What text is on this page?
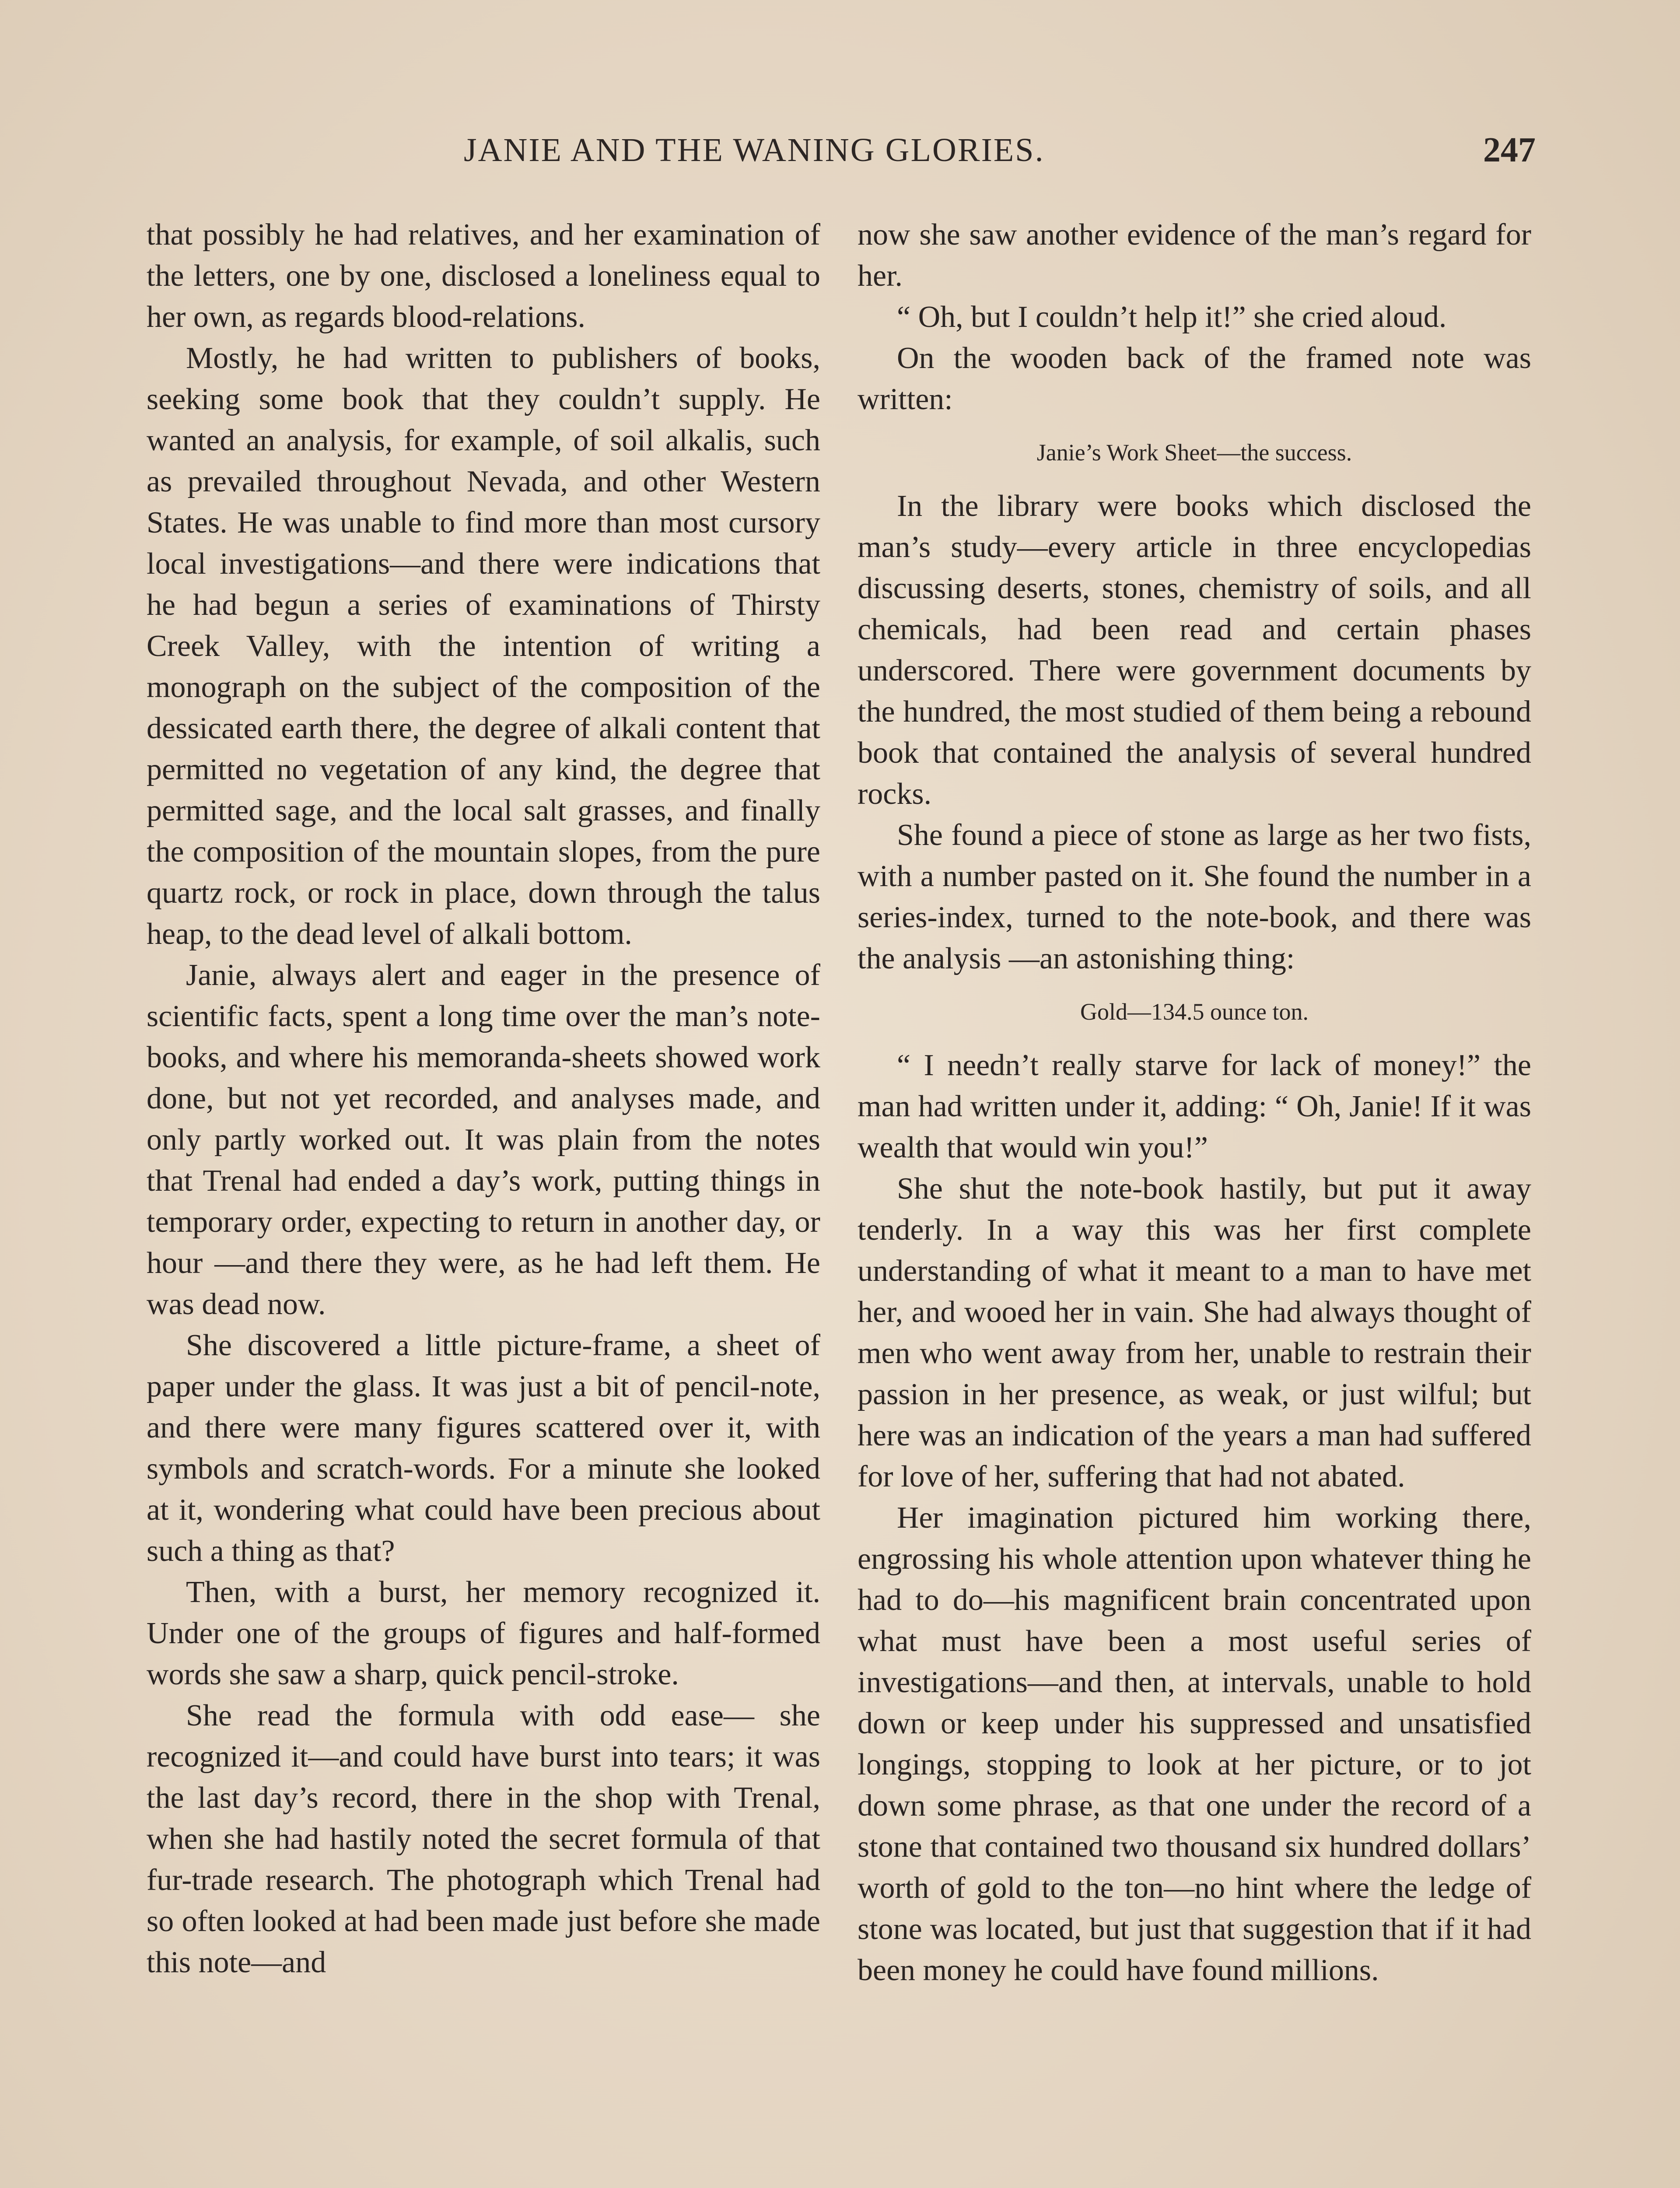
JANIE AND THE WANING GLORIES.	247

that possibly he had relatives, and her examination of the letters, one by one, disclosed a loneliness equal to her own, as regards blood-relations.

Mostly, he had written to publishers of books, seeking some book that they couldn’t supply. He wanted an analysis, for example, of soil alkalis, such as prevailed throughout Nevada, and other Western States. He was unable to find more than most cursory local investigations—and there were indications that he had begun a series of examinations of Thirsty Creek Valley, with the intention of writing a monograph on the subject of the composition of the dessicated earth there, the degree of alkali content that permitted no vegetation of any kind, the degree that permitted sage, and the local salt grasses, and finally the composition of the mountain slopes, from the pure quartz rock, or rock in place, down through the talus heap, to the dead level of alkali bottom.

Janie, always alert and eager in the presence of scientific facts, spent a long time over the man’s note-books, and where his memoranda-sheets showed work done, but not yet recorded, and analyses made, and only partly worked out. It was plain from the notes that Trenal had ended a day’s work, putting things in temporary order, expecting to return in another day, or hour —and there they were, as he had left them. He was dead now.

She discovered a little picture-frame, a sheet of paper under the glass. It was just a bit of pencil-note, and there were many figures scattered over it, with symbols and scratch-words. For a minute she looked at it, wondering what could have been precious about such a thing as that?

Then, with a burst, her memory recognized it. Under one of the groups of figures and half-formed words she saw a sharp, quick pencil-stroke.

She read the formula with odd ease— she recognized it—and could have burst into tears; it was the last day’s record, there in the shop with Trenal, when she had hastily noted the secret formula of that fur-trade research. The photograph which Trenal had so often looked at had been made just before she made this note—and

now she saw another evidence of the man’s regard for her.

“ Oh, but I couldn’t help it!” she cried aloud.

On the wooden back of the framed note was written:

Janie’s Work Sheet—the success.

In the library were books which disclosed the man’s study—every article in three encyclopedias discussing deserts, stones, chemistry of soils, and all chemicals, had been read and certain phases underscored. There were government documents by the hundred, the most studied of them being a rebound book that contained the analysis of several hundred rocks.

She found a piece of stone as large as her two fists, with a number pasted on it. She found the number in a series-index, turned to the note-book, and there was the analysis —an astonishing thing:

Gold—134.5 ounce ton.

“ I needn’t really starve for lack of money!” the man had written under it, adding: “ Oh, Janie! If it was wealth that would win you!”

She shut the note-book hastily, but put it away tenderly. In a way this was her first complete understanding of what it meant to a man to have met her, and wooed her in vain. She had always thought of men who went away from her, unable to restrain their passion in her presence, as weak, or just wilful; but here was an indication of the years a man had suffered for love of her, suffering that had not abated.

Her imagination pictured him working there, engrossing his whole attention upon whatever thing he had to do—his magnificent brain concentrated upon what must have been a most useful series of investigations—and then, at intervals, unable to hold down or keep under his suppressed and unsatisfied longings, stopping to look at her picture, or to jot down some phrase, as that one under the record of a stone that contained two thousand six hundred dollars’ worth of gold to the ton—no hint where the ledge of stone was located, but just that suggestion that if it had been money he could have found millions.
